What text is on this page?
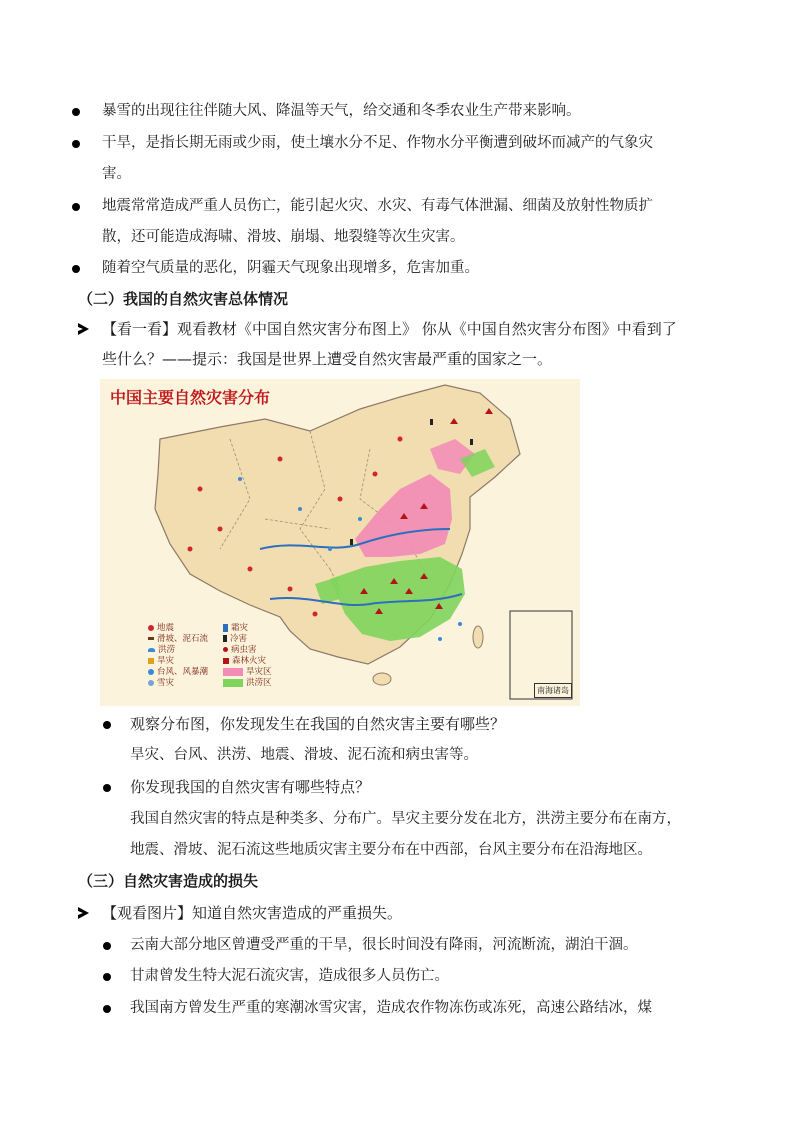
暴雪的出现往往伴随大风、降温等天气，给交通和冬季农业生产带来影响。
干旱，是指长期无雨或少雨，使土壤水分不足、作物水分平衡遭到破坏而减产的气象灾
害。
地震常常造成严重人员伤亡，能引起火灾、水灾、有毒气体泄漏、细菌及放射性物质扩
散，还可能造成海啸、滑坡、崩塌、地裂缝等次生灾害。
随着空气质量的恶化，阴霾天气现象出现增多，危害加重。
（二）我国的自然灾害总体情况
【看一看】观看教材《中国自然灾害分布图上》 你从《中国自然灾害分布图》中看到了
些什么？——提示：我国是世界上遭受自然灾害最严重的国家之一。
中国主要自然灾害分布
地震
滑坡、泥石流
洪涝
旱灾
台风、风暴潮
雪灾
霜灾
冷害
病虫害
森林火灾
旱灾区
洪涝区
南海诸岛
观察分布图，你发现发生在我国的自然灾害主要有哪些？
旱灾、台风、洪涝、地震、滑坡、泥石流和病虫害等。
你发现我国的自然灾害有哪些特点？
我国自然灾害的特点是种类多、分布广。旱灾主要分发在北方，洪涝主要分布在南方，
地震、滑坡、泥石流这些地质灾害主要分布在中西部，台风主要分布在沿海地区。
（三）自然灾害造成的损失
【观看图片】知道自然灾害造成的严重损失。
云南大部分地区曾遭受严重的干旱，很长时间没有降雨，河流断流，湖泊干涸。
甘肃曾发生特大泥石流灾害，造成很多人员伤亡。
我国南方曾发生严重的寒潮冰雪灾害，造成农作物冻伤或冻死，高速公路结冰，煤
